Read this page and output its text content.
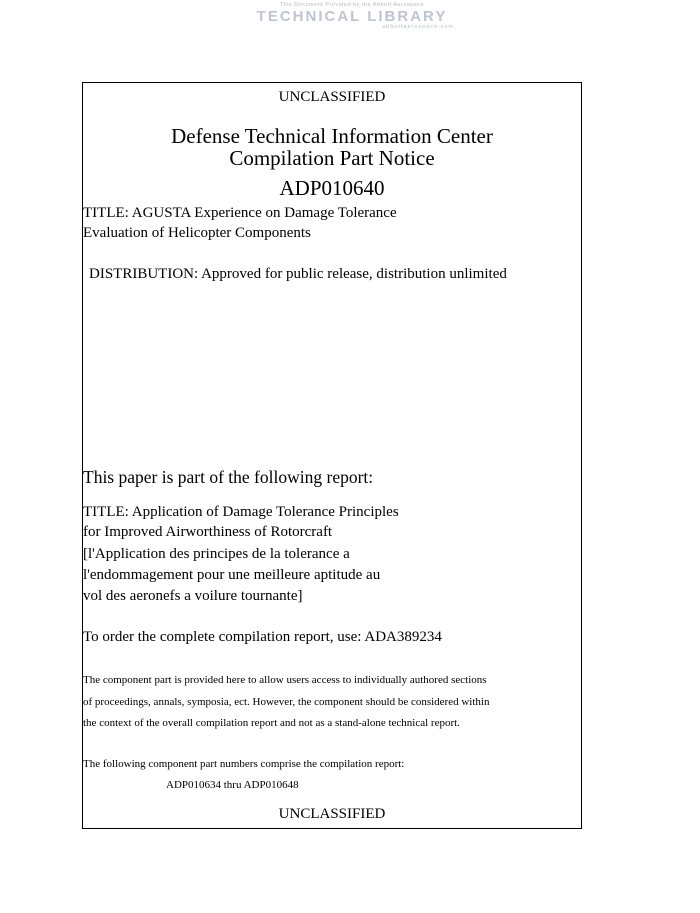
This Document Provided by the Abbott Aerospace
TECHNICAL LIBRARY
abbottaerospace.com
UNCLASSIFIED
Defense Technical Information Center
Compilation Part Notice
ADP010640
TITLE: AGUSTA Experience on Damage Tolerance
Evaluation of Helicopter Components
DISTRIBUTION: Approved for public release, distribution unlimited
This paper is part of the following report:
TITLE: Application of Damage Tolerance Principles
for Improved Airworthiness of Rotorcraft
[l'Application des principes de la tolerance a
l'endommagement pour une meilleure aptitude au
vol des aeronefs a voilure tournante]
To order the complete compilation report, use: ADA389234
The component part is provided here to allow users access to individually authored sections
of proceedings, annals, symposia, ect. However, the component should be considered within
the context of the overall compilation report and not as a stand-alone technical report.
The following component part numbers comprise the compilation report:
ADP010634 thru ADP010648
UNCLASSIFIED
